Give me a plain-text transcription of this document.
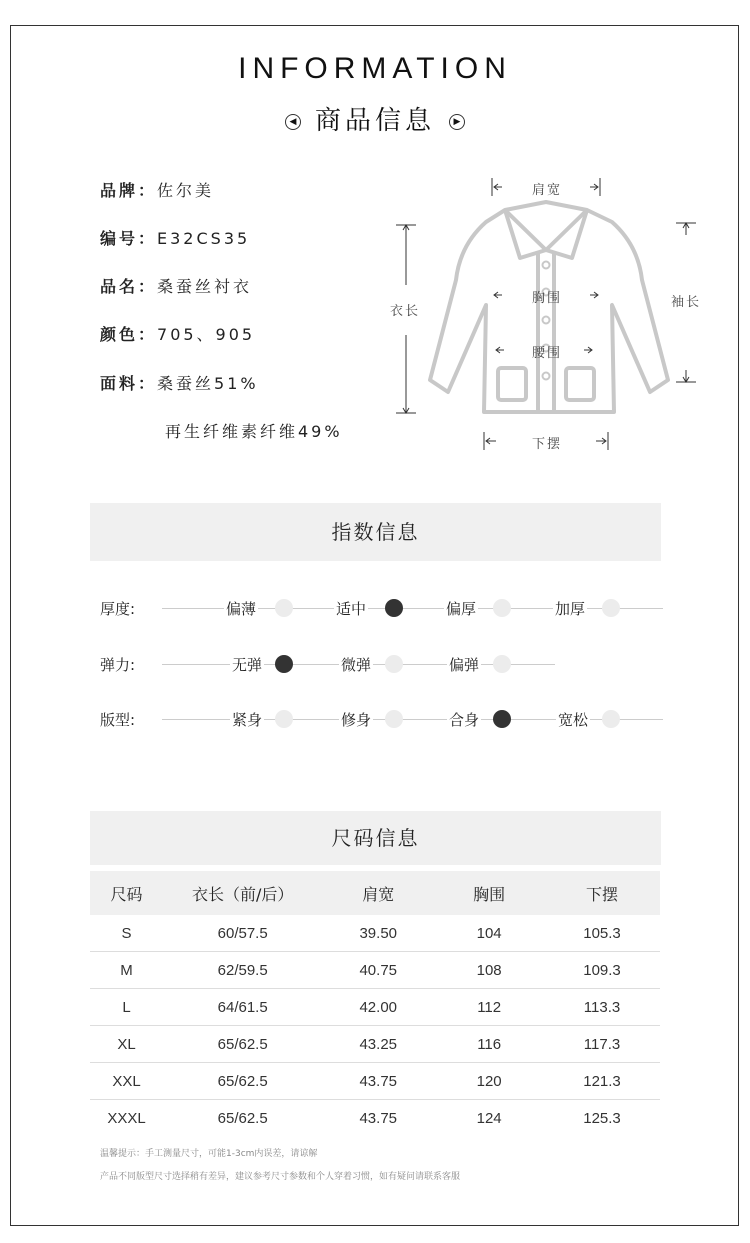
INFORMATION
◀ 商品信息 ▶
品牌：佐尔美
编号：E32CS35
品名：桑蚕丝衬衣
颜色：705、905
面料：桑蚕丝51%
再生纤维素纤维49%
肩宽
衣长
袖长
胸围
腰围
下摆
指数信息
厚度:	偏薄	适中	偏厚	加厚
弹力:	无弹	微弹	偏弹
版型:	紧身	修身	合身	宽松
尺码信息
尺码	衣长（前/后）	肩宽	胸围	下摆
S	60/57.5	39.50	104	105.3
M	62/59.5	40.75	108	109.3
L	64/61.5	42.00	112	113.3
XL	65/62.5	43.25	116	117.3
XXL	65/62.5	43.75	120	121.3
XXXL	65/62.5	43.75	124	125.3
温馨提示：手工测量尺寸，可能1-3cm内误差，请谅解
产品不同版型尺寸选择稍有差异，建议参考尺寸参数和个人穿着习惯，如有疑问请联系客服
